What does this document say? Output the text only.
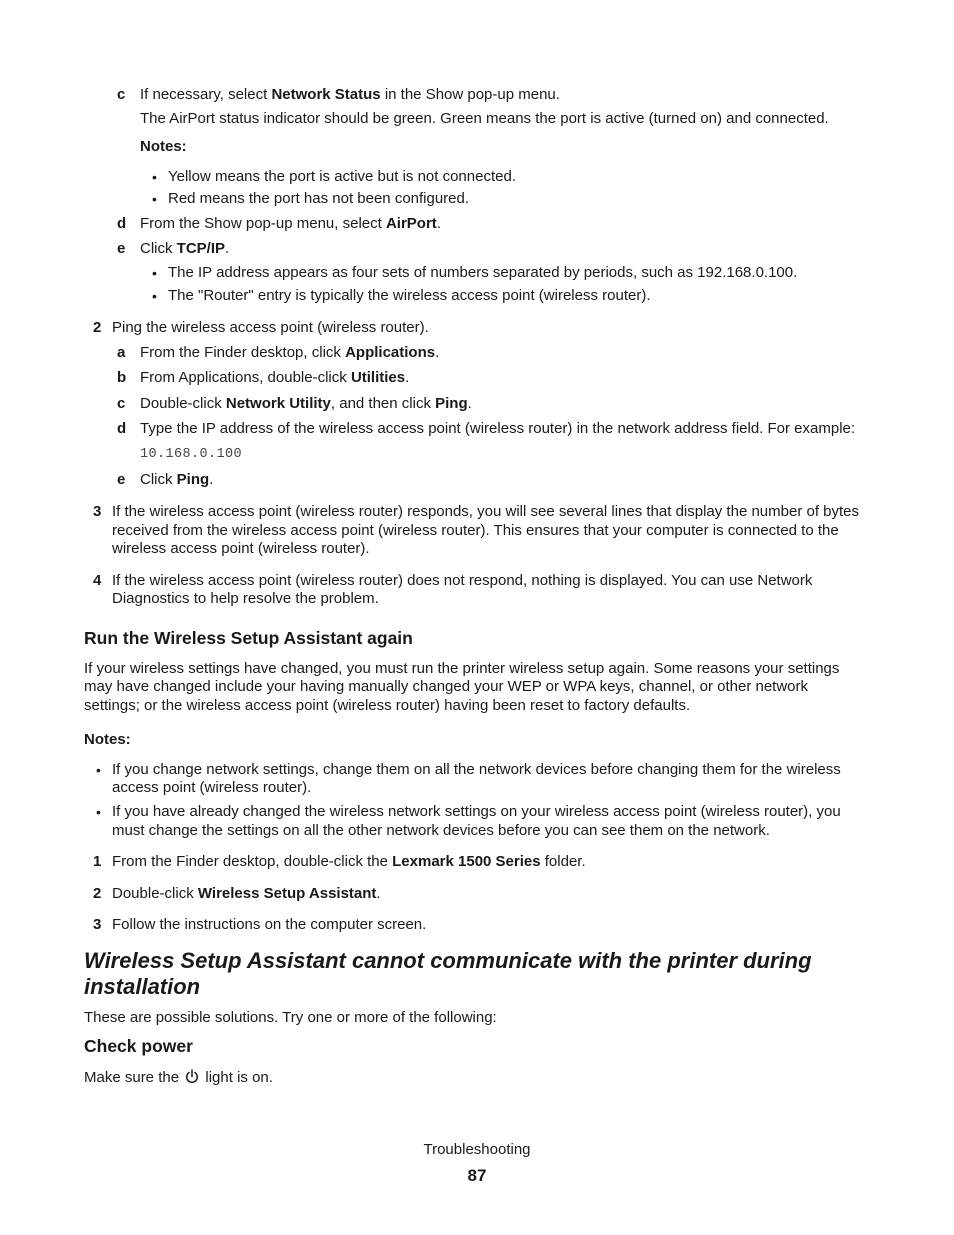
c If necessary, select Network Status in the Show pop-up menu.
The AirPort status indicator should be green. Green means the port is active (turned on) and connected.
Notes:
• Yellow means the port is active but is not connected.
• Red means the port has not been configured.
d From the Show pop-up menu, select AirPort.
e Click TCP/IP.
• The IP address appears as four sets of numbers separated by periods, such as 192.168.0.100.
• The "Router" entry is typically the wireless access point (wireless router).
2 Ping the wireless access point (wireless router).
a From the Finder desktop, click Applications.
b From Applications, double-click Utilities.
c Double-click Network Utility, and then click Ping.
d Type the IP address of the wireless access point (wireless router) in the network address field. For example:
10.168.0.100
e Click Ping.
3 If the wireless access point (wireless router) responds, you will see several lines that display the number of bytes
received from the wireless access point (wireless router). This ensures that your computer is connected to the
wireless access point (wireless router).
4 If the wireless access point (wireless router) does not respond, nothing is displayed. You can use Network
Diagnostics to help resolve the problem.
Run the Wireless Setup Assistant again
If your wireless settings have changed, you must run the printer wireless setup again. Some reasons your settings
may have changed include your having manually changed your WEP or WPA keys, channel, or other network
settings; or the wireless access point (wireless router) having been reset to factory defaults.
Notes:
• If you change network settings, change them on all the network devices before changing them for the wireless
access point (wireless router).
• If you have already changed the wireless network settings on your wireless access point (wireless router), you
must change the settings on all the other network devices before you can see them on the network.
1 From the Finder desktop, double-click the Lexmark 1500 Series folder.
2 Double-click Wireless Setup Assistant.
3 Follow the instructions on the computer screen.
Wireless Setup Assistant cannot communicate with the printer during
installation
These are possible solutions. Try one or more of the following:
Check power
Make sure the light is on.
Troubleshooting
87
